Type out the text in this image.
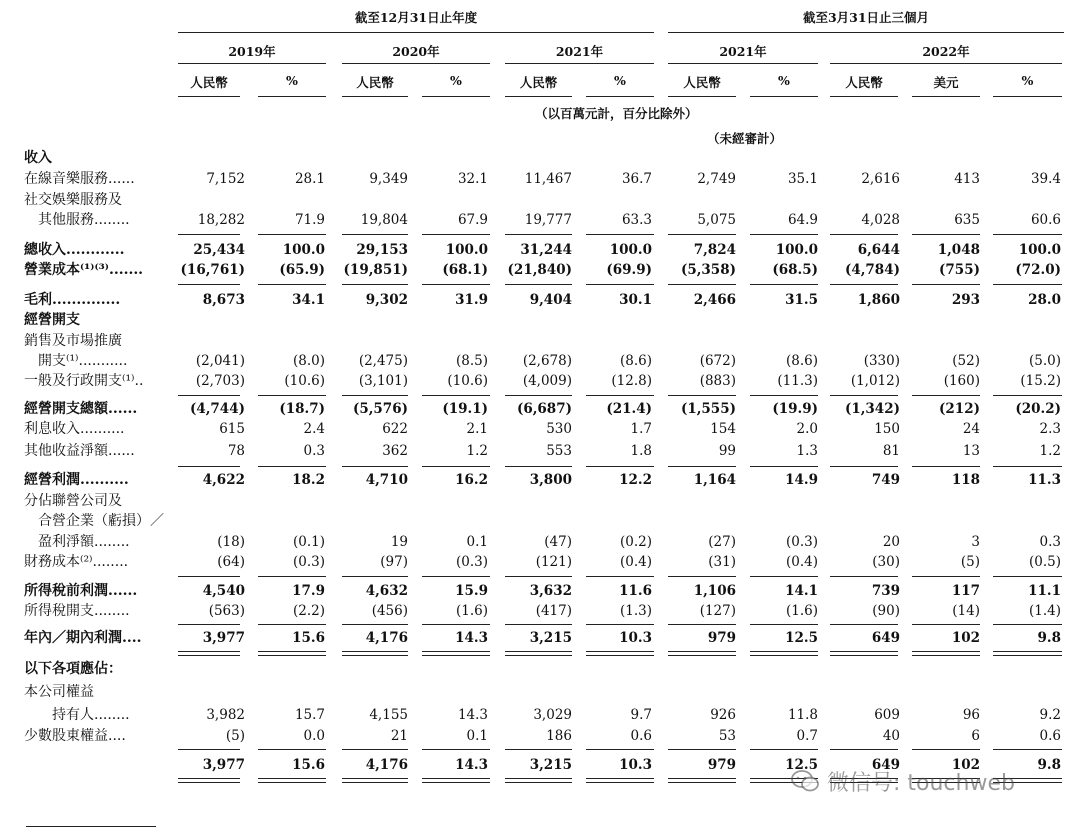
收入
在線音樂服務......	7,152	28.1	9,349	32.1	11,467	36.7	2,749	35.1	2,616	413	39.4
社交娛樂服務及
其他服務........	18,282	71.9	19,804	67.9	19,777	63.3	5,075	64.9	4,028	635	60.6
總收入............	25,434	100.0	29,153	100.0	31,244	100.0	7,824	100.0	6,644	1,048	100.0
營業成本⁽¹⁾⁽³⁾.......	(16,761)	(65.9)	(19,851)	(68.1)	(21,840)	(69.9)	(5,358)	(68.5)	(4,784)	(755)	(72.0)
毛利..............	8,673	34.1	9,302	31.9	9,404	30.1	2,466	31.5	1,860	293	28.0
經營開支
銷售及市場推廣
開支⁽¹⁾...........	(2,041)	(8.0)	(2,475)	(8.5)	(2,678)	(8.6)	(672)	(8.6)	(330)	(52)	(5.0)
一般及行政開支⁽¹⁾..	(2,703)	(10.6)	(3,101)	(10.6)	(4,009)	(12.8)	(883)	(11.3)	(1,012)	(160)	(15.2)
經營開支總額......	(4,744)	(18.7)	(5,576)	(19.1)	(6,687)	(21.4)	(1,555)	(19.9)	(1,342)	(212)	(20.2)
利息收入..........	615	2.4	622	2.1	530	1.7	154	2.0	150	24	2.3
其他收益淨額......	78	0.3	362	1.2	553	1.8	99	1.3	81	13	1.2
經營利潤..........	4,622	18.2	4,710	16.2	3,800	12.2	1,164	14.9	749	118	11.3
分佔聯營公司及
合營企業（虧損）／
盈利淨額........	(18)	(0.1)	19	0.1	(47)	(0.2)	(27)	(0.3)	20	3	0.3
財務成本⁽²⁾........	(64)	(0.3)	(97)	(0.3)	(121)	(0.4)	(31)	(0.4)	(30)	(5)	(0.5)
所得稅前利潤......	4,540	17.9	4,632	15.9	3,632	11.6	1,106	14.1	739	117	11.1
所得稅開支........	(563)	(2.2)	(456)	(1.6)	(417)	(1.3)	(127)	(1.6)	(90)	(14)	(1.4)
年內／期內利潤....	3,977	15.6	4,176	14.3	3,215	10.3	979	12.5	649	102	9.8
以下各項應佔：
本公司權益
持有人........	3,982	15.7	4,155	14.3	3,029	9.7	926	11.8	609	96	9.2
少數股東權益....	(5)	0.0	21	0.1	186	0.6	53	0.7	40	6	0.6
3,977	15.6	4,176	14.3	3,215	10.3	979	12.5	649	102	9.8
截至12月31日止年度	截至3月31日止三個月
2019年	2020年	2021年	2021年	2022年
人民幣	%	人民幣	%	人民幣	%	人民幣	%	人民幣	美元	%
（以百萬元計，百分比除外）
（未經審計）
微信号: touchweb
